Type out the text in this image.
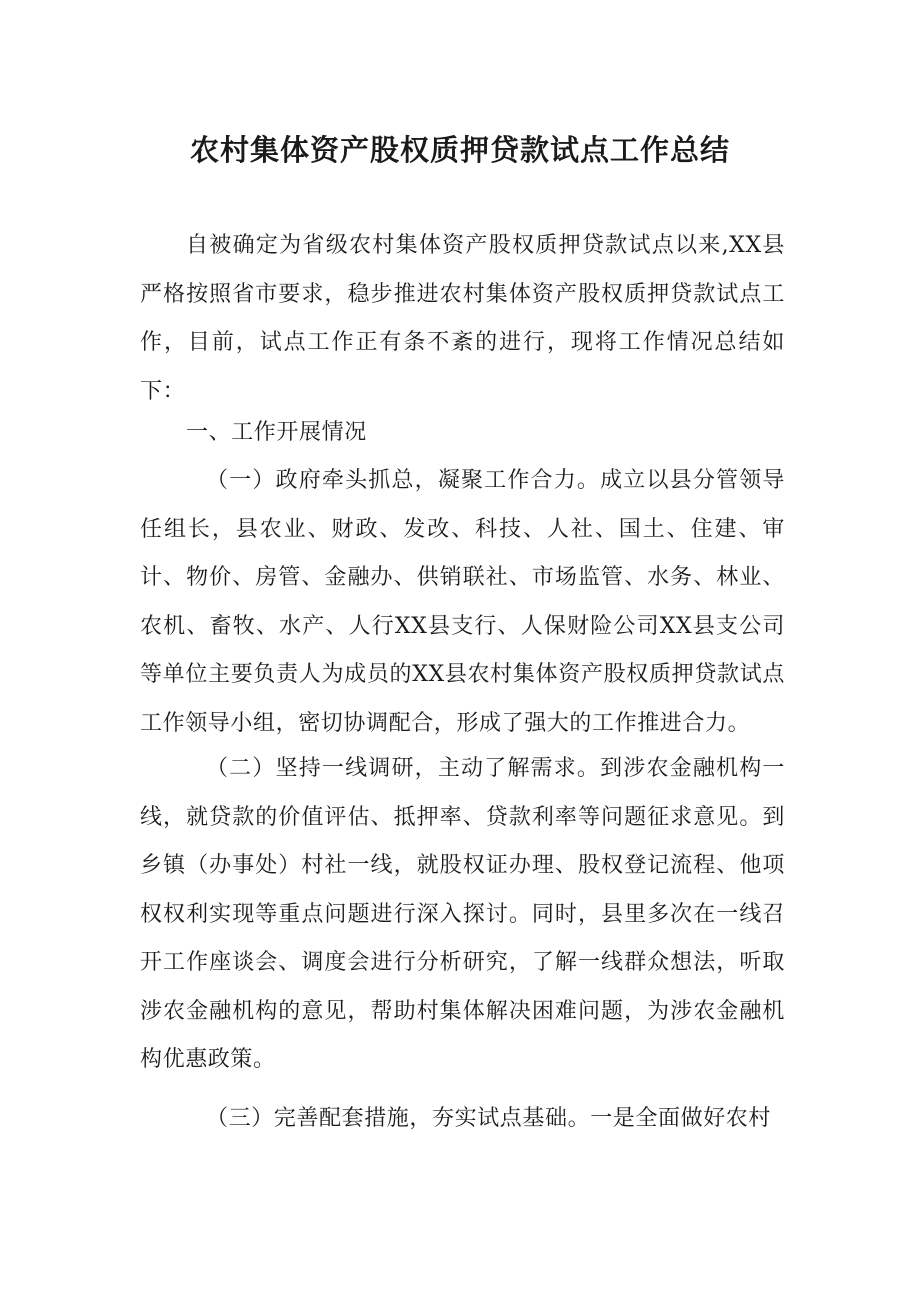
农村集体资产股权质押贷款试点工作总结

自被确定为省级农村集体资产股权质押贷款试点以来,XX县严格按照省市要求，稳步推进农村集体资产股权质押贷款试点工作，目前，试点工作正有条不紊的进行，现将工作情况总结如下：

一、工作开展情况

（一）政府牵头抓总，凝聚工作合力。成立以县分管领导任组长，县农业、财政、发改、科技、人社、国土、住建、审计、物价、房管、金融办、供销联社、市场监管、水务、林业、农机、畜牧、水产、人行XX县支行、人保财险公司XX县支公司等单位主要负责人为成员的XX县农村集体资产股权质押贷款试点工作领导小组，密切协调配合，形成了强大的工作推进合力。

（二）坚持一线调研，主动了解需求。到涉农金融机构一线，就贷款的价值评估、抵押率、贷款利率等问题征求意见。到乡镇（办事处）村社一线，就股权证办理、股权登记流程、他项权权利实现等重点问题进行深入探讨。同时，县里多次在一线召开工作座谈会、调度会进行分析研究，了解一线群众想法，听取涉农金融机构的意见，帮助村集体解决困难问题，为涉农金融机构优惠政策。

（三）完善配套措施，夯实试点基础。一是全面做好农村
